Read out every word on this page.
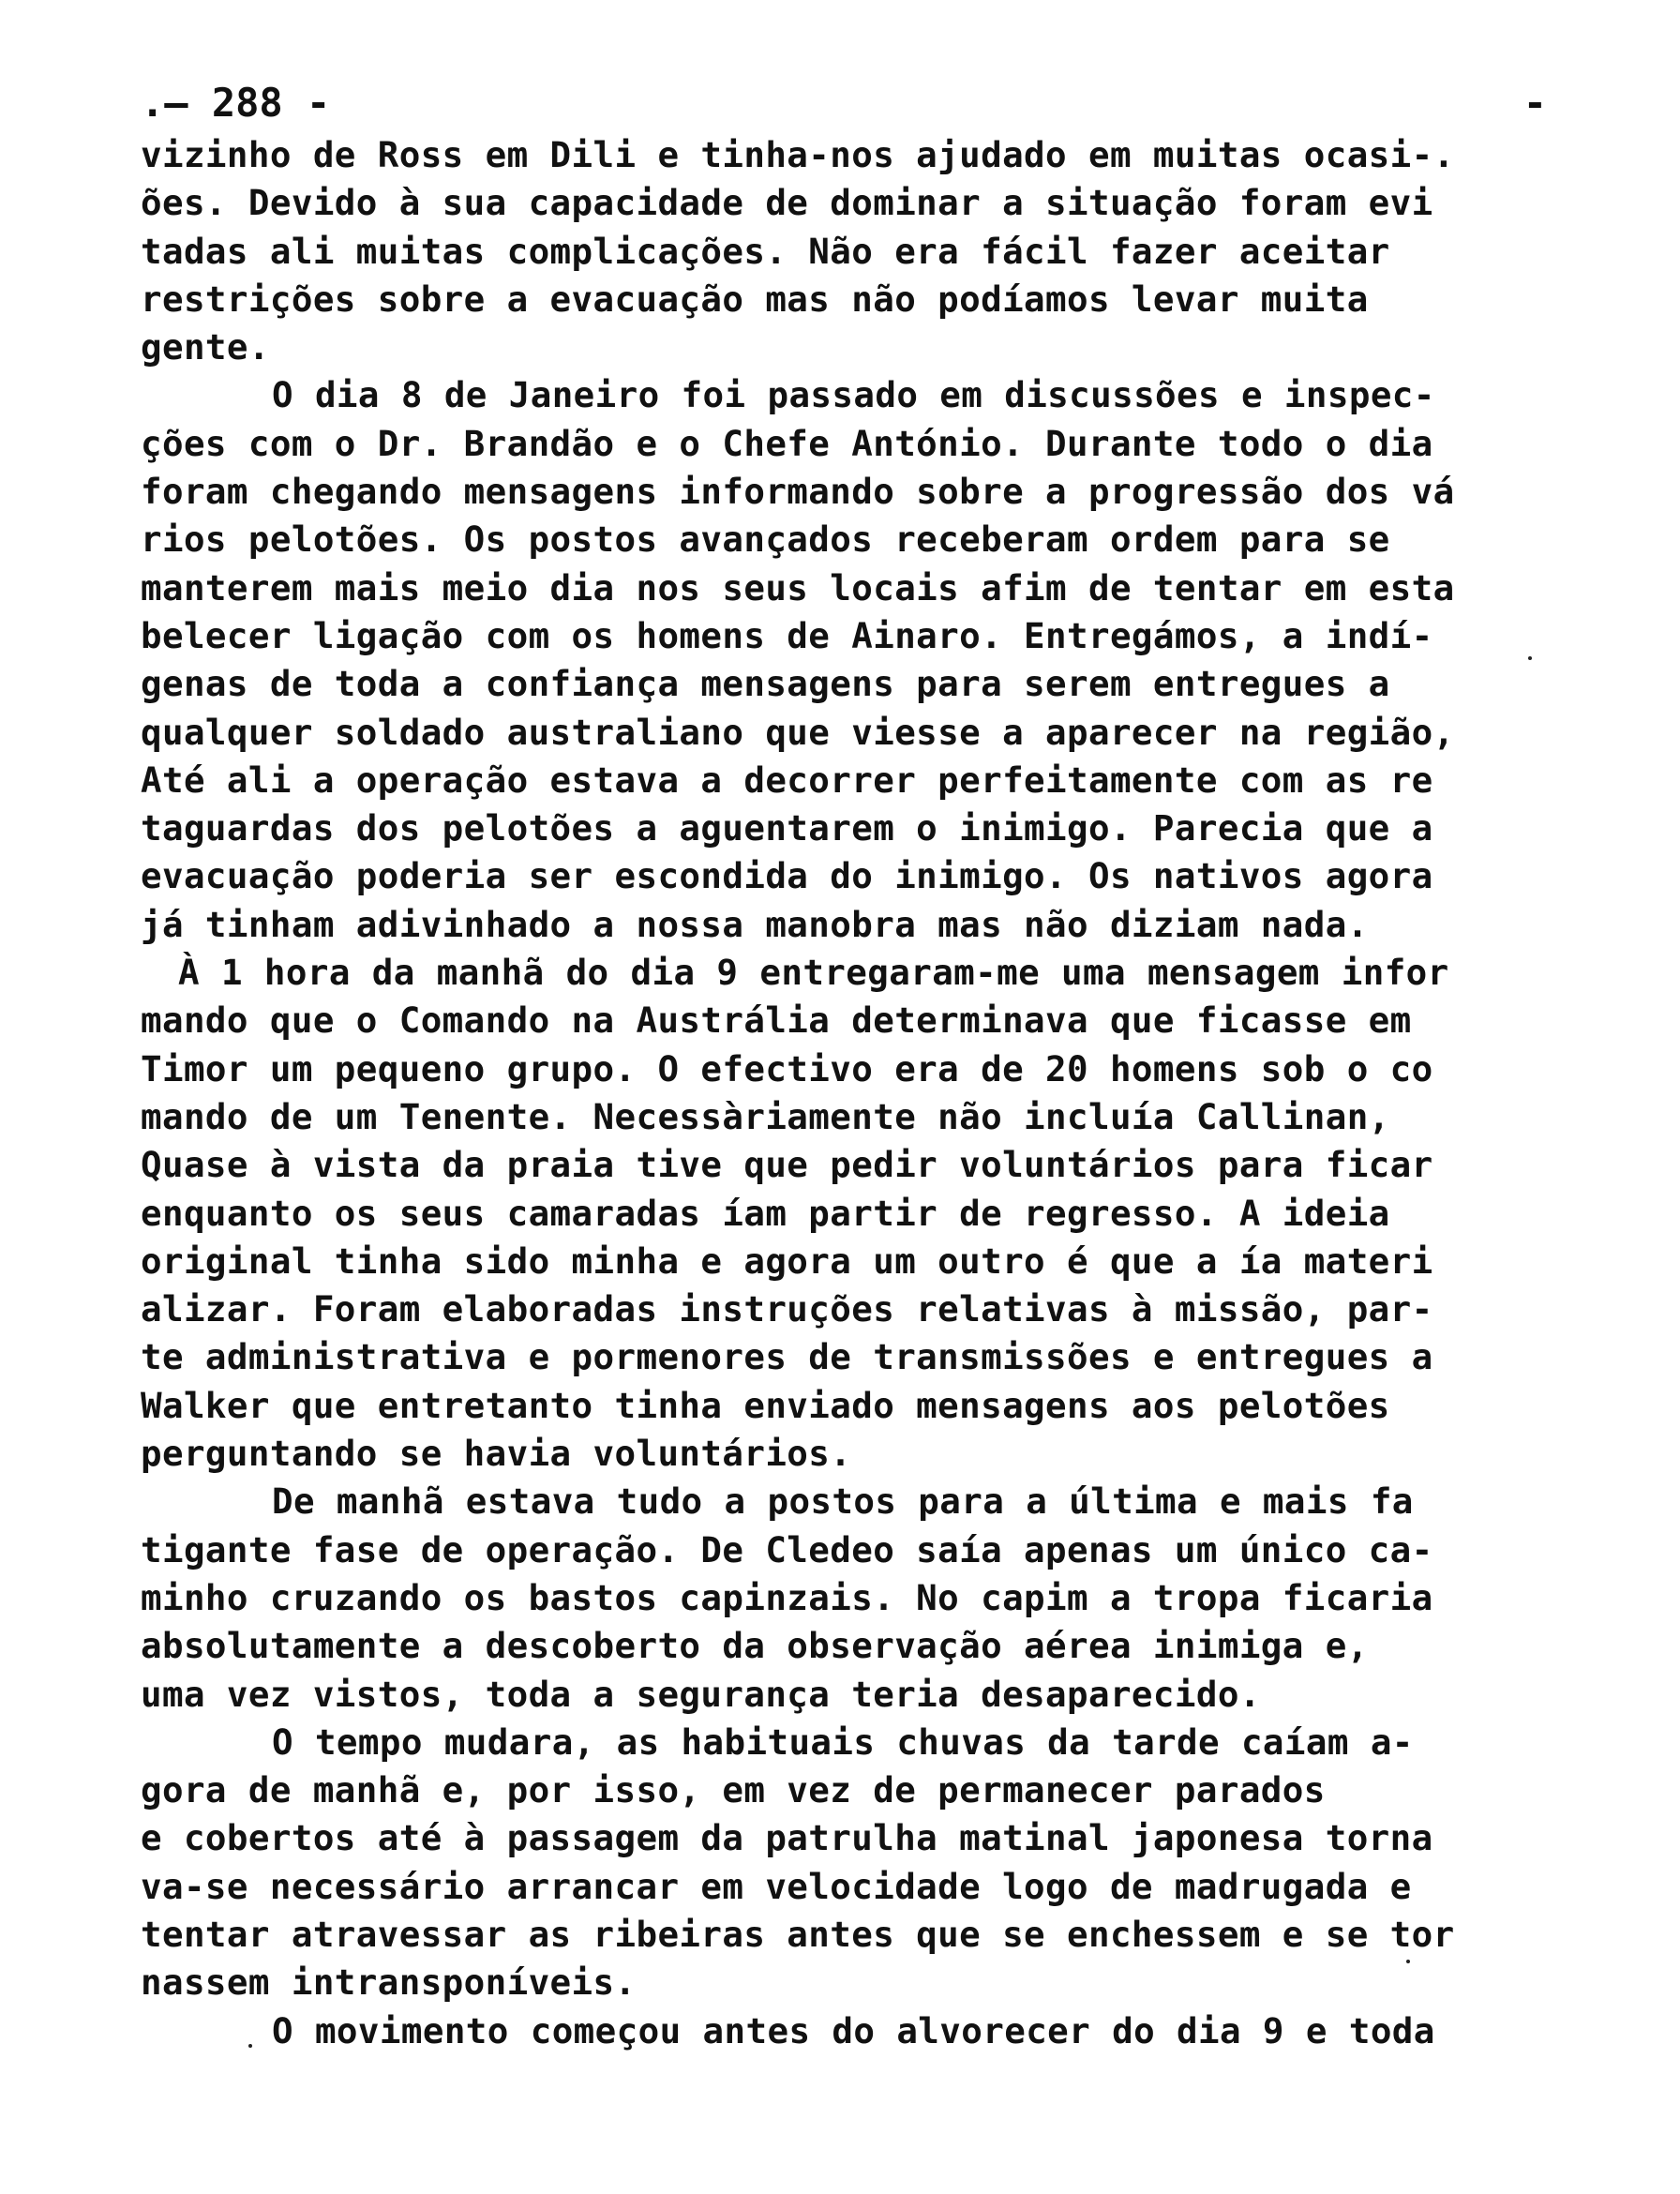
.– 288 -	-
vizinho de Ross em Dili e tinha-nos ajudado em muitas ocasi-.
ões. Devido à sua capacidade de dominar a situação foram evi
tadas ali muitas complicações. Não era fácil fazer aceitar
restrições sobre a evacuação mas não podíamos levar muita
gente.
O dia 8 de Janeiro foi passado em discussões e inspec-
ções com o Dr. Brandão e o Chefe António. Durante todo o dia
foram chegando mensagens informando sobre a progressão dos vá
rios pelotões. Os postos avançados receberam ordem para se
manterem mais meio dia nos seus locais afim de tentar em esta
belecer ligação com os homens de Ainaro. Entregámos, a indí-
genas de toda a confiança mensagens para serem entregues a
qualquer soldado australiano que viesse a aparecer na região,
Até ali a operação estava a decorrer perfeitamente com as re
taguardas dos pelotões a aguentarem o inimigo. Parecia que a
evacuação poderia ser escondida do inimigo. Os nativos agora
já tinham adivinhado a nossa manobra mas não diziam nada.
À 1 hora da manhã do dia 9 entregaram-me uma mensagem infor
mando que o Comando na Austrália determinava que ficasse em
Timor um pequeno grupo. O efectivo era de 20 homens sob o co
mando de um Tenente. Necessàriamente não incluía Callinan,
Quase à vista da praia tive que pedir voluntários para ficar
enquanto os seus camaradas íam partir de regresso. A ideia
original tinha sido minha e agora um outro é que a ía materi
alizar. Foram elaboradas instruções relativas à missão, par-
te administrativa e pormenores de transmissões e entregues a
Walker que entretanto tinha enviado mensagens aos pelotões
perguntando se havia voluntários.
De manhã estava tudo a postos para a última e mais fa
tigante fase de operação. De Cledeo saía apenas um único ca-
minho cruzando os bastos capinzais. No capim a tropa ficaria
absolutamente a descoberto da observação aérea inimiga e,
uma vez vistos, toda a segurança teria desaparecido.
O tempo mudara, as habituais chuvas da tarde caíam a-
gora de manhã e, por isso, em vez de permanecer parados
e cobertos até à passagem da patrulha matinal japonesa torna
va-se necessário arrancar em velocidade logo de madrugada e
tentar atravessar as ribeiras antes que se enchessem e se tor
nassem intransponíveis.
O movimento começou antes do alvorecer do dia 9 e toda
